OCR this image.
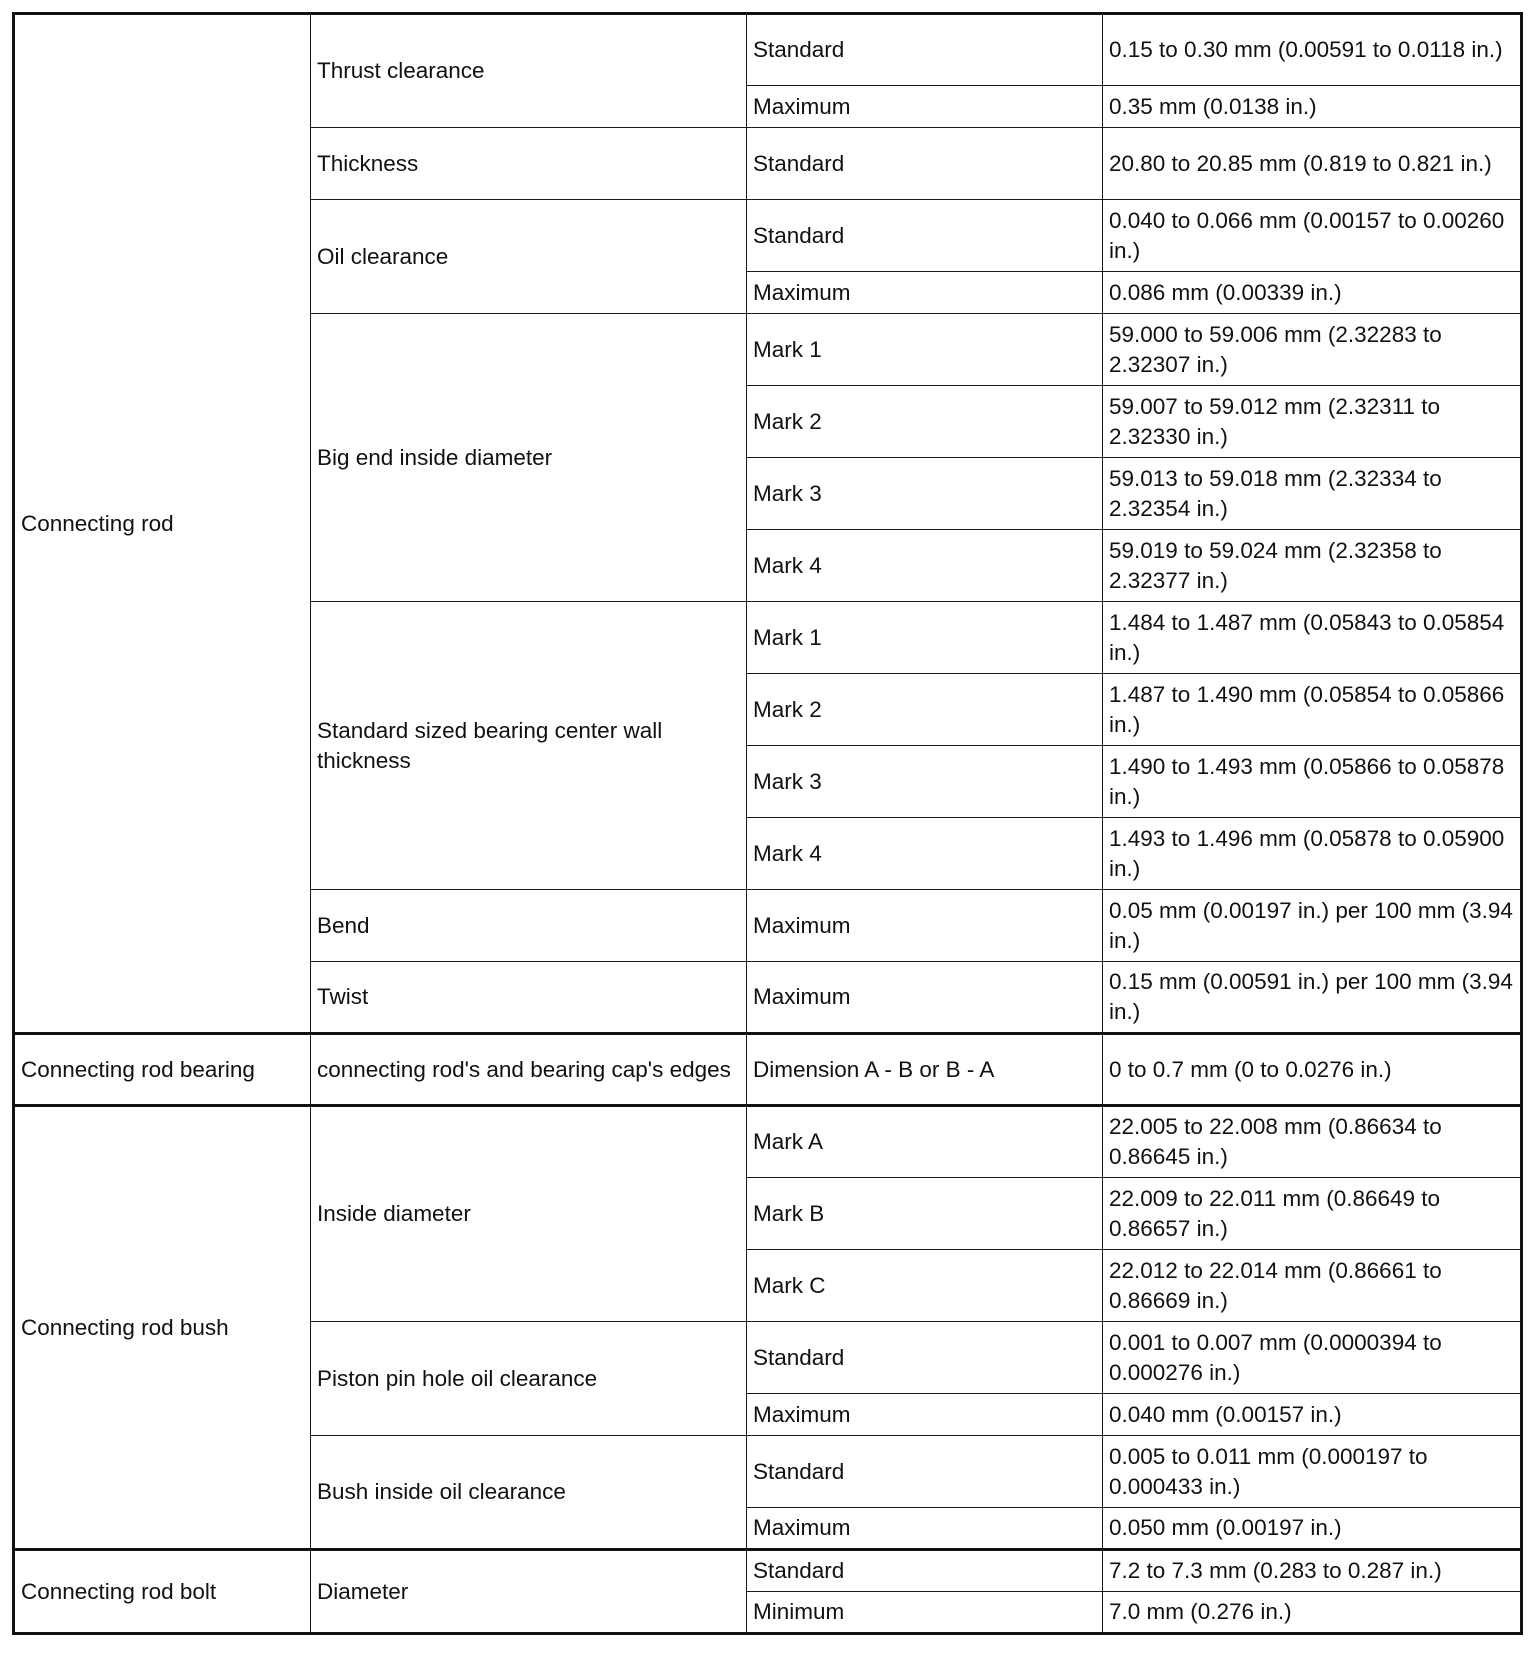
Connecting rod	Thrust clearance	Standard	0.15 to 0.30 mm (0.00591 to 0.0118 in.)
		Maximum	0.35 mm (0.0138 in.)
	Thickness	Standard	20.80 to 20.85 mm (0.819 to 0.821 in.)
	Oil clearance	Standard	0.040 to 0.066 mm (0.00157 to 0.00260 in.)
		Maximum	0.086 mm (0.00339 in.)
	Big end inside diameter	Mark 1	59.000 to 59.006 mm (2.32283 to 2.32307 in.)
		Mark 2	59.007 to 59.012 mm (2.32311 to 2.32330 in.)
		Mark 3	59.013 to 59.018 mm (2.32334 to 2.32354 in.)
		Mark 4	59.019 to 59.024 mm (2.32358 to 2.32377 in.)
	Standard sized bearing center wall thickness	Mark 1	1.484 to 1.487 mm (0.05843 to 0.05854 in.)
		Mark 2	1.487 to 1.490 mm (0.05854 to 0.05866 in.)
		Mark 3	1.490 to 1.493 mm (0.05866 to 0.05878 in.)
		Mark 4	1.493 to 1.496 mm (0.05878 to 0.05900 in.)
	Bend	Maximum	0.05 mm (0.00197 in.) per 100 mm (3.94 in.)
	Twist	Maximum	0.15 mm (0.00591 in.) per 100 mm (3.94 in.)
Connecting rod bearing	connecting rod's and bearing cap's edges	Dimension A - B or B - A	0 to 0.7 mm (0 to 0.0276 in.)
Connecting rod bush	Inside diameter	Mark A	22.005 to 22.008 mm (0.86634 to 0.86645 in.)
		Mark B	22.009 to 22.011 mm (0.86649 to 0.86657 in.)
		Mark C	22.012 to 22.014 mm (0.86661 to 0.86669 in.)
	Piston pin hole oil clearance	Standard	0.001 to 0.007 mm (0.0000394 to 0.000276 in.)
		Maximum	0.040 mm (0.00157 in.)
	Bush inside oil clearance	Standard	0.005 to 0.011 mm (0.000197 to 0.000433 in.)
		Maximum	0.050 mm (0.00197 in.)
Connecting rod bolt	Diameter	Standard	7.2 to 7.3 mm (0.283 to 0.287 in.)
		Minimum	7.0 mm (0.276 in.)
